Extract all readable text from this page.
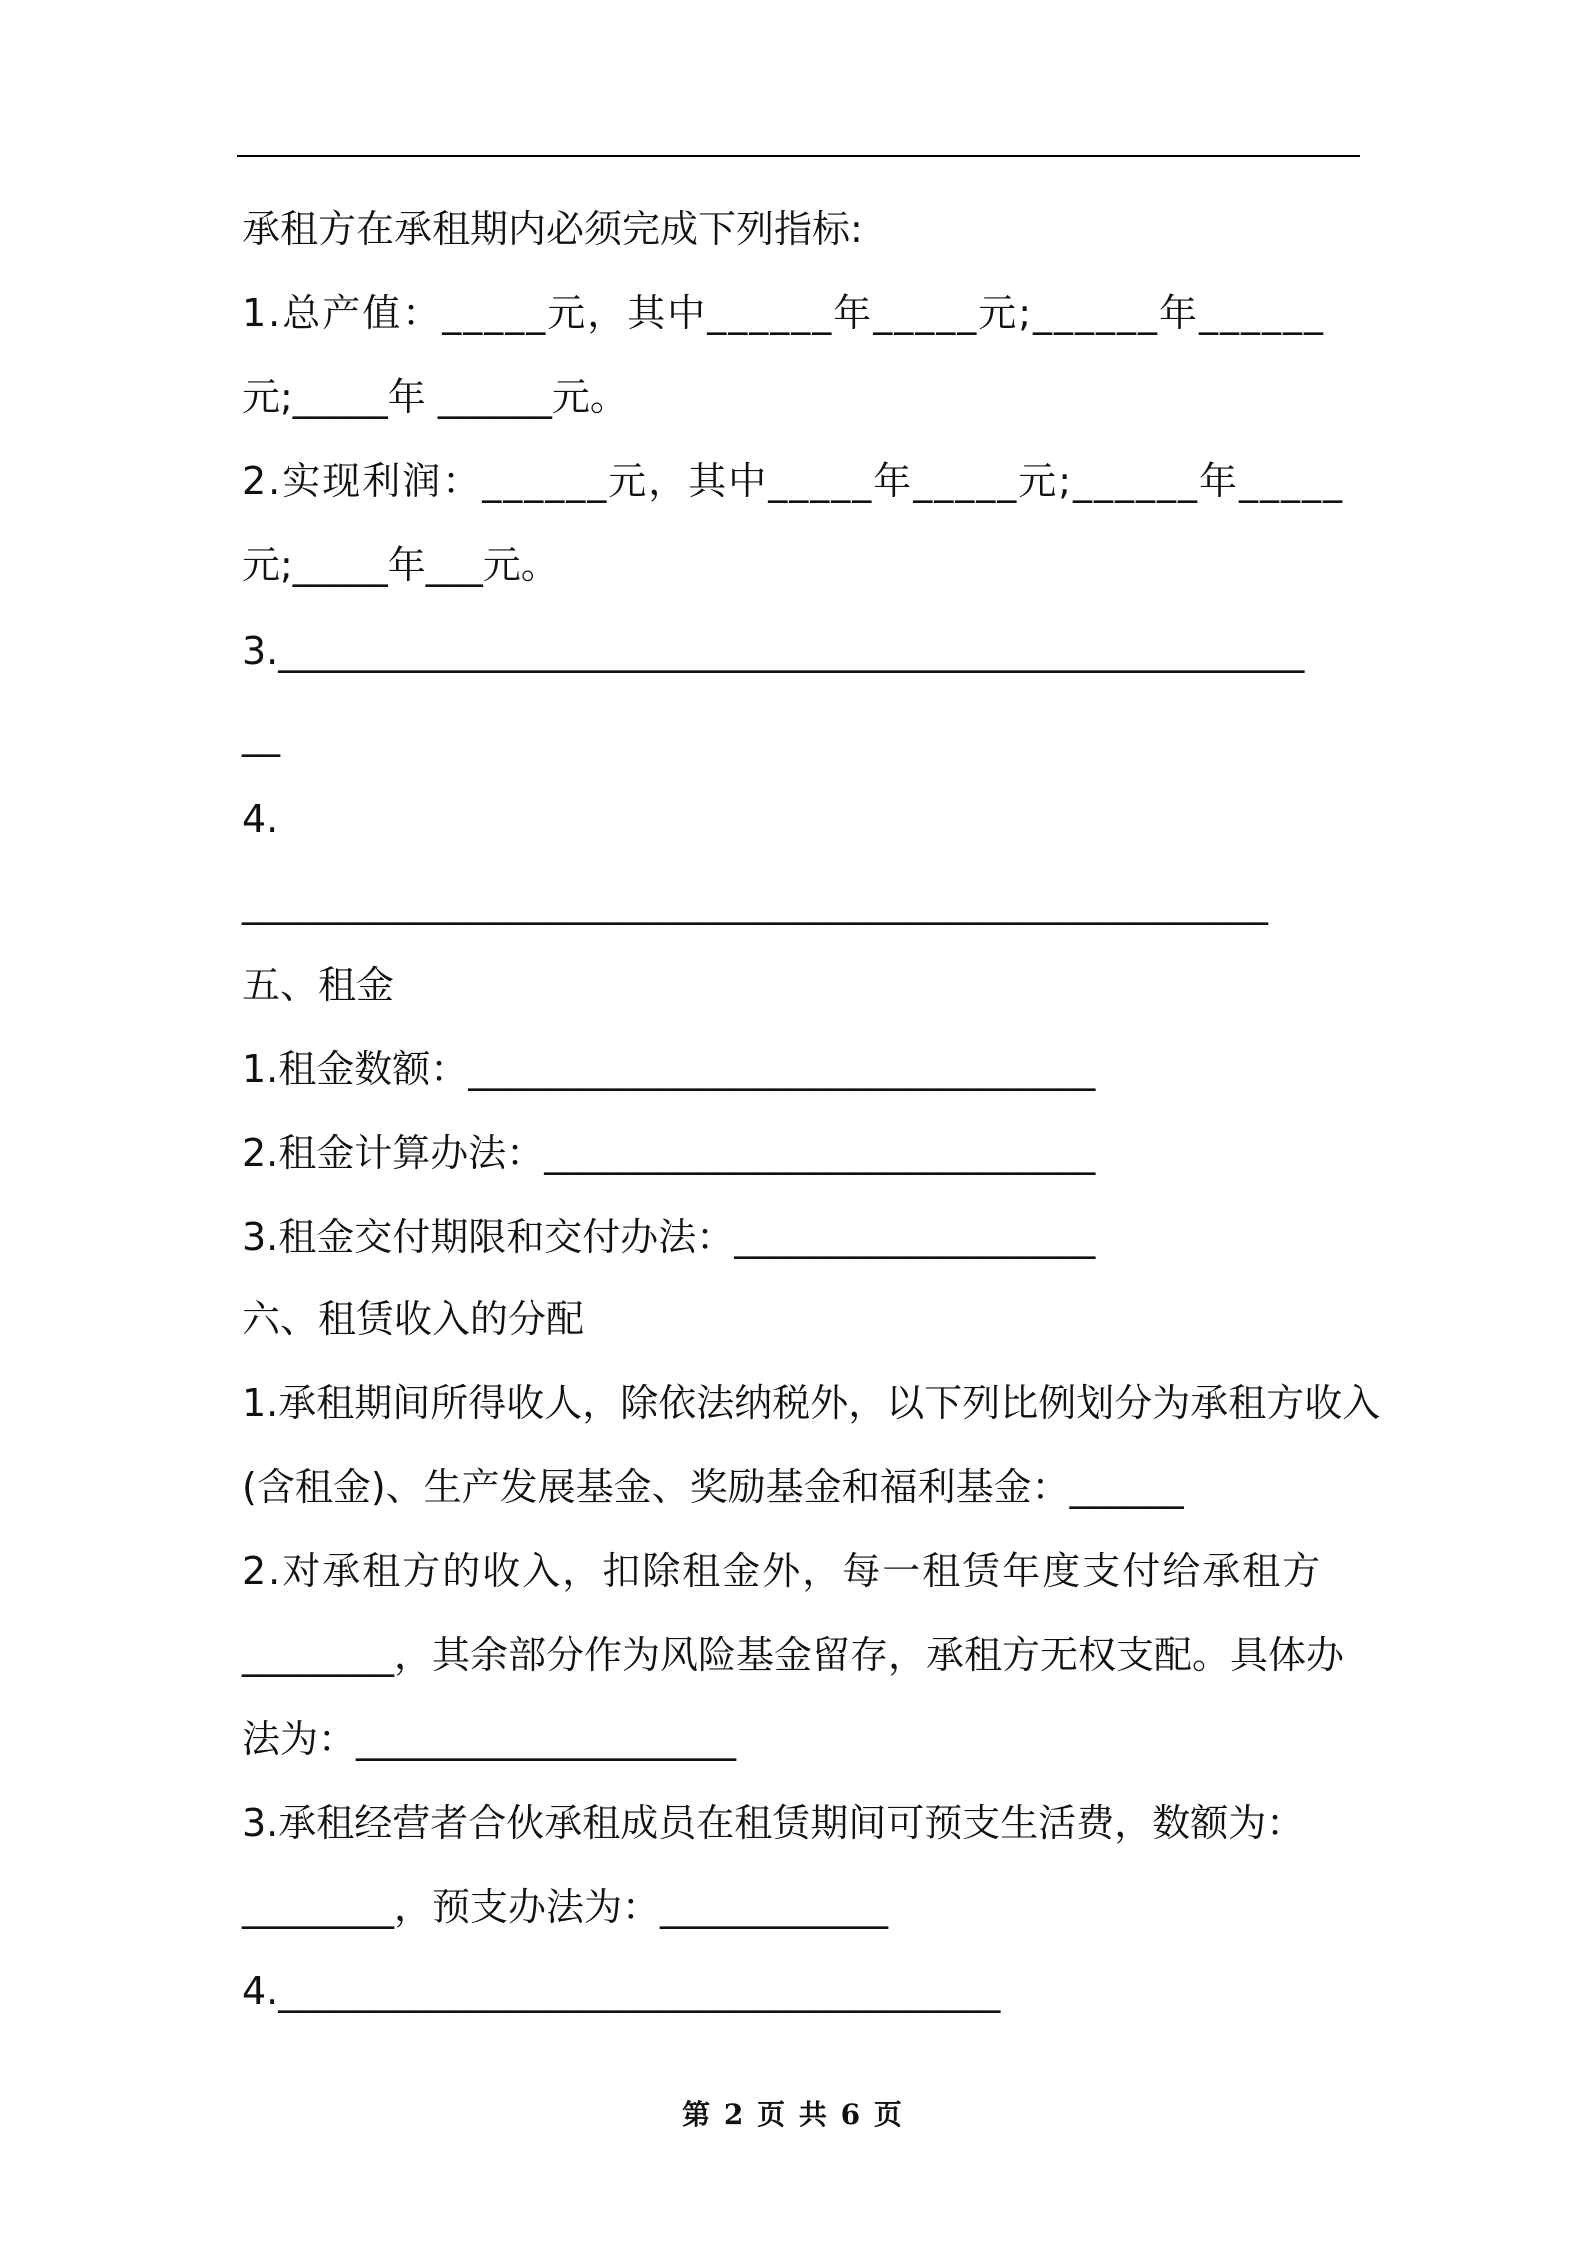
承租方在承租期内必须完成下列指标:
1.总产值：_____元，其中______年_____元;______年______
元;_____年 ______元。
2.实现利润：______元，其中_____年_____元;______年_____
元;_____年___元。
3.______________________________________________________
__
4.
______________________________________________________
五、租金
1.租金数额：_________________________________
2.租金计算办法：_____________________________
3.租金交付期限和交付办法：___________________
六、租赁收入的分配
1.承租期间所得收人，除依法纳税外，以下列比例划分为承租方收入
(含租金)、生产发展基金、奖励基金和福利基金：______
2.对承租方的收入，扣除租金外，每一租赁年度支付给承租方
________，其余部分作为风险基金留存，承租方无权支配。具体办
法为：____________________
3.承租经营者合伙承租成员在租赁期间可预支生活费，数额为：
________，预支办法为：____________
4.______________________________________
第 2 页 共 6 页
